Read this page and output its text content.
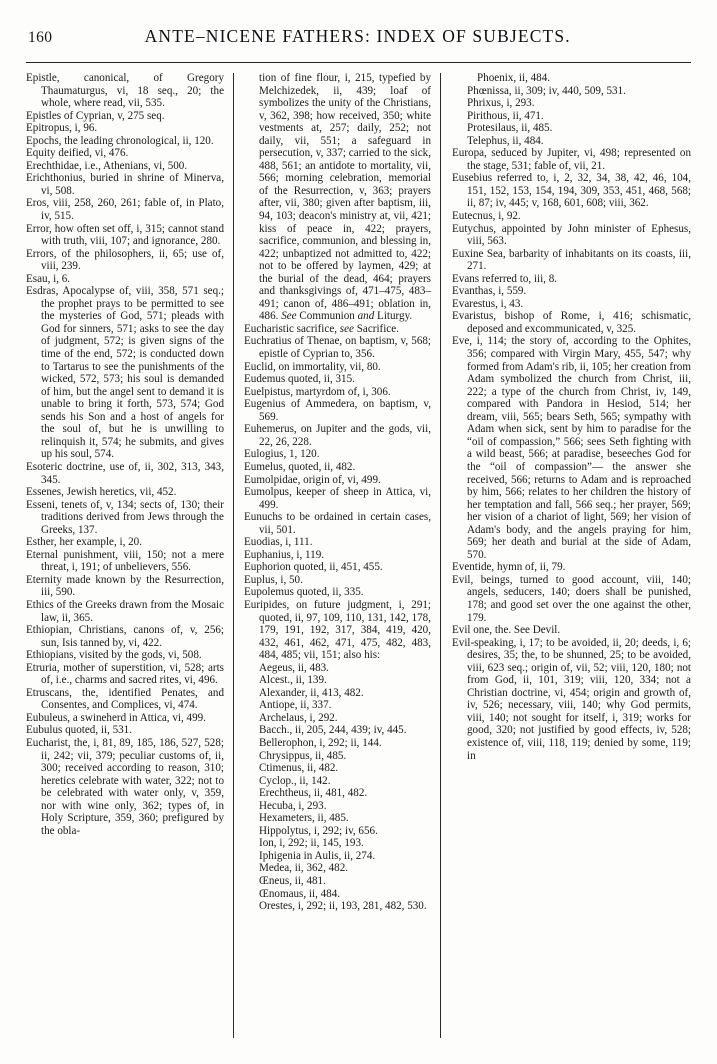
160	ANTE–NICENE FATHERS: INDEX OF SUBJECTS.

Epistle, canonical, of Gregory Thaumaturgus, vi, 18 seq., 20; the whole, where read, vii, 535.

Epistles of Cyprian, v, 275 seq.

Epitropus, i, 96.

Epochs, the leading chronological, ii, 120.

Equity deified, vi, 476.

Erechthidae, i.e., Athenians, vi, 500.

Erichthonius, buried in shrine of Minerva, vi, 508.

Eros, viii, 258, 260, 261; fable of, in Plato, iv, 515.

Error, how often set off, i, 315; cannot stand with truth, viii, 107; and ignorance, 280.

Errors, of the philosophers, ii, 65; use of, viii, 239.

Esau, i, 6.

Esdras, Apocalypse of, viii, 358, 571 seq.; the prophet prays to be permitted to see the mysteries of God, 571; pleads with God for sinners, 571; asks to see the day of judgment, 572; is given signs of the time of the end, 572; is conducted down to Tartarus to see the punishments of the wicked, 572, 573; his soul is demanded of him, but the angel sent to demand it is unable to bring it forth, 573, 574; God sends his Son and a host of angels for the soul of, but he is unwilling to relinquish it, 574; he submits, and gives up his soul, 574.

Esoteric doctrine, use of, ii, 302, 313, 343, 345.

Essenes, Jewish heretics, vii, 452.

Esseni, tenets of, v, 134; sects of, 130; their traditions derived from Jews through the Greeks, 137.

Esther, her example, i, 20.

Eternal punishment, viii, 150; not a mere threat, i, 191; of unbelievers, 556.

Eternity made known by the Resurrection, iii, 590.

Ethics of the Greeks drawn from the Mosaic law, ii, 365.

Ethiopian, Christians, canons of, v, 256; sun, Isis tanned by, vi, 422.

Ethiopians, visited by the gods, vi, 508.

Etruria, mother of superstition, vi, 528; arts of, i.e., charms and sacred rites, vi, 496.

Etruscans, the, identified Penates, and Consentes, and Complices, vi, 474.

Eubuleus, a swineherd in Attica, vi, 499.

Eubulus quoted, ii, 531.

Eucharist, the, i, 81, 89, 185, 186, 527, 528; ii, 242; vii, 379; peculiar customs of, ii, 300; received according to reason, 310; heretics celebrate with water, 322; not to be celebrated with water only, v, 359, nor with wine only, 362; types of, in Holy Scripture, 359, 360; prefigured by the obla-

tion of fine flour, i, 215, typefied by Melchizedek, ii, 439; loaf of symbolizes the unity of the Christians, v, 362, 398; how received, 350; white vestments at, 257; daily, 252; not daily, vii, 551; a safeguard in persecution, v, 337; carried to the sick, 488, 561; an antidote to mortality, vii, 566; morning celebration, memorial of the Resurrection, v, 363; prayers after, vii, 380; given after baptism, iii, 94, 103; deacon's ministry at, vii, 421; kiss of peace in, 422; prayers, sacrifice, communion, and blessing in, 422; unbaptized not admitted to, 422; not to be offered by laymen, 429; at the burial of the dead, 464; prayers and thanksgivings of, 471–475, 483–491; canon of, 486–491; oblation in, 486. See Communion and Liturgy.

Eucharistic sacrifice, see Sacrifice.

Euchratius of Thenae, on baptism, v, 568; epistle of Cyprian to, 356.

Euclid, on immortality, vii, 80.

Eudemus quoted, ii, 315.

Euelpistus, martyrdom of, i, 306.

Eugenius of Ammedera, on baptism, v, 569.

Euhemerus, on Jupiter and the gods, vii, 22, 26, 228.

Eulogius, 1, 120.

Eumelus, quoted, ii, 482.

Eumolpidae, origin of, vi, 499.

Eumolpus, keeper of sheep in Attica, vi, 499.

Eunuchs to be ordained in certain cases, vii, 501.

Euodias, i, 111.

Euphanius, i, 119.

Euphorion quoted, ii, 451, 455.

Euplus, i, 50.

Eupolemus quoted, ii, 335.

Euripides, on future judgment, i, 291; quoted, ii, 97, 109, 110, 131, 142, 178, 179, 191, 192, 317, 384, 419, 420, 432, 461, 462, 471, 475, 482, 483, 484, 485; vii, 151; also his:

Aegeus, ii, 483.

Alcest., ii, 139.

Alexander, ii, 413, 482.

Antiope, ii, 337.

Archelaus, i, 292.

Bacch., ii, 205, 244, 439; iv, 445.

Bellerophon, i, 292; ii, 144.

Chrysippus, ii, 485.

Ctimenus, ii, 482.

Cyclop., ii, 142.

Erechtheus, ii, 481, 482.

Hecuba, i, 293.

Hexameters, ii, 485.

Hippolytus, i, 292; iv, 656.

Ion, i, 292; ii, 145, 193.

Iphigenia in Aulis, ii, 274.

Medea, ii, 362, 482.

Œneus, ii, 481.

Œnomaus, ii, 484.

Orestes, i, 292; ii, 193, 281, 482, 530.

Phoenix, ii, 484.

Phœnissa, ii, 309; iv, 440, 509, 531.

Phrixus, i, 293.

Pirithous, ii, 471.

Protesilaus, ii, 485.

Telephus, ii, 484.

Europa, seduced by Jupiter, vi, 498; represented on the stage, 531; fable of, vii, 21.

Eusebius referred to, i, 2, 32, 34, 38, 42, 46, 104, 151, 152, 153, 154, 194, 309, 353, 451, 468, 568; ii, 87; iv, 445; v, 168, 601, 608; viii, 362.

Eutecnus, i, 92.

Eutychus, appointed by John minister of Ephesus, viii, 563.

Euxine Sea, barbarity of inhabitants on its coasts, iii, 271.

Evans referred to, iii, 8.

Evanthas, i, 559.

Evarestus, i, 43.

Evaristus, bishop of Rome, i, 416; schismatic, deposed and excommunicated, v, 325.

Eve, i, 114; the story of, according to the Ophites, 356; compared with Virgin Mary, 455, 547; why formed from Adam's rib, ii, 105; her creation from Adam symbolized the church from Christ, iii, 222; a type of the church from Christ, iv, 149, compared with Pandora in Hesiod, 514; her dream, viii, 565; bears Seth, 565; sympathy with Adam when sick, sent by him to paradise for the “oil of compassion,” 566; sees Seth fighting with a wild beast, 566; at paradise, beseeches God for the “oil of compassion”— the answer she received, 566; returns to Adam and is reproached by him, 566; relates to her children the history of her temptation and fall, 566 seq.; her prayer, 569; her vision of a chariot of light, 569; her vision of Adam's body, and the angels praying for him, 569; her death and burial at the side of Adam, 570.

Eventide, hymn of, ii, 79.

Evil, beings, turned to good account, viii, 140; angels, seducers, 140; doers shall be punished, 178; and good set over the one against the other, 179.

Evil one, the. See Devil.

Evil-speaking, i, 17; to be avoided, ii, 20; deeds, i, 6; desires, 35; the, to be shunned, 25; to be avoided, viii, 623 seq.; origin of, vii, 52; viii, 120, 180; not from God, ii, 101, 319; viii, 120, 334; not a Christian doctrine, vi, 454; origin and growth of, iv, 526; necessary, viii, 140; why God permits, viii, 140; not sought for itself, i, 319; works for good, 320; not justified by good effects, iv, 528; existence of, viii, 118, 119; denied by some, 119; in
